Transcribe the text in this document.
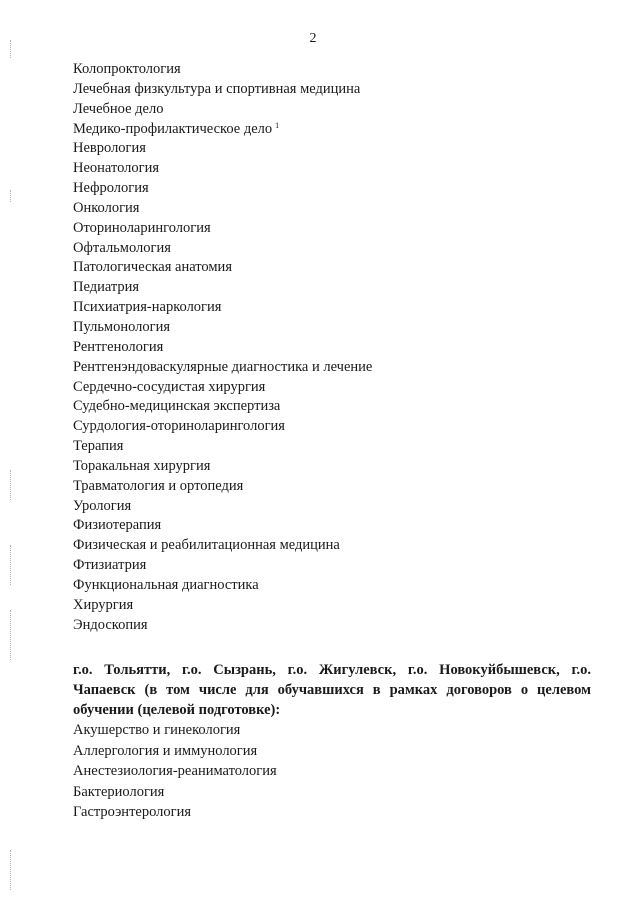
2
Колопроктология
Лечебная физкультура и спортивная медицина
Лечебное дело
Медико-профилактическое дело $^1$
Неврология
Неонатология
Нефрология
Онкология
Оториноларингология
Офтальмология
Патологическая анатомия
Педиатрия
Психиатрия-наркология
Пульмонология
Рентгенология
Рентгенэндоваскулярные диагностика и лечение
Сердечно-сосудистая хирургия
Судебно-медицинская экспертиза
Сурдология-оториноларингология
Терапия
Торакальная хирургия
Травматология и ортопедия
Урология
Физиотерапия
Физическая и реабилитационная медицина
Фтизиатрия
Функциональная диагностика
Хирургия
Эндоскопия

г.о. Тольятти, г.о. Сызрань, г.о. Жигулевск, г.о. Новокуйбышевск, г.о. Чапаевск (в том числе для обучавшихся в рамках договоров о целевом обучении (целевой подготовке):

Акушерство и гинекология
Аллергология и иммунология
Анестезиология-реаниматология
Бактериология
Гастроэнтерология
